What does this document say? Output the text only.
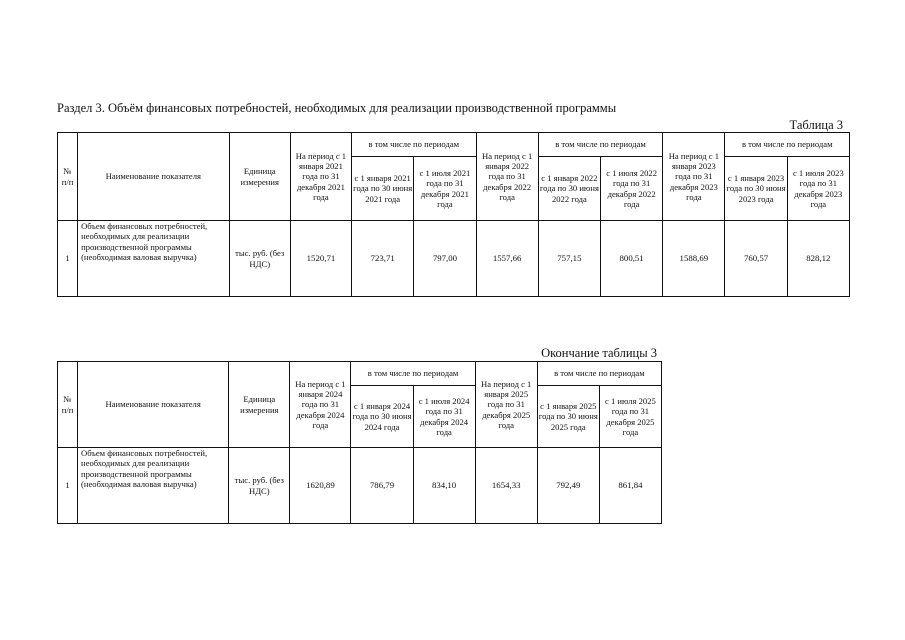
Раздел 3. Объём финансовых потребностей, необходимых для реализации производственной программы
Таблица 3
№ п/п	Наименование показателя	Единица измерения	На период с 1 января 2021 года по 31 декабря 2021 года	в том числе по периодам		На период с 1 января 2022 года по 31 декабря 2022 года	в том числе по периодам		На период с 1 января 2023 года по 31 декабря 2023 года	в том числе по периодам	
				с 1 января 2021 года по 30 июня 2021 года	с 1 июля 2021 года по 31 декабря 2021 года		с 1 января 2022 года по 30 июня 2022 года	с 1 июля 2022 года по 31 декабря 2022 года		с 1 января 2023 года по 30 июня 2023 года	с 1 июля 2023 года по 31 декабря 2023 года
1	Объем финансовых потребностей, необходимых для реализации производственной программы (необходимая валовая выручка)	тыс. руб. (без НДС)	1520,71	723,71	797,00	1557,66	757,15	800,51	1588,69	760,57	828,12
Окончание таблицы 3
№ п/п	Наименование показателя	Единица измерения	На период с 1 января 2024 года по 31 декабря 2024 года	в том числе по периодам		На период с 1 января 2025 года по 31 декабря 2025 года	в том числе по периодам	
				с 1 января 2024 года по 30 июня 2024 года	с 1 июля 2024 года по 31 декабря 2024 года		с 1 января 2025 года по 30 июня 2025 года	с 1 июля 2025 года по 31 декабря 2025 года
1	Объем финансовых потребностей, необходимых для реализации производственной программы (необходимая валовая выручка)	тыс. руб. (без НДС)	1620,89	786,79	834,10	1654,33	792,49	861,84
